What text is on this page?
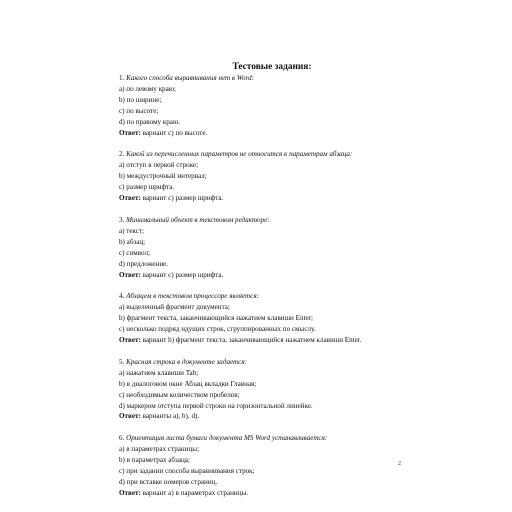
Тестовые задания:
1. Какого способа выравнивания нет в Word:
a) по левому краю;
b) по ширине;
c) по высоте;
d) по правому краю.
Ответ: вариант с) по высоте.
2. Какой из перечисленных параметров не относится к параметрам абзаца:
a) отступ в первой строке;
b) междустрочный интервал;
c) размер шрифта.
Ответ: вариант с) размер шрифта.
3. Минимальный объект в текстовом редакторе:
a) текст;
b) абзац;
c) символ;
d) предложение.
Ответ: вариант с) размер шрифта.
4. Абзацем в текстовом процессоре является:
a) выделенный фрагмент документа;
b) фрагмент текста, заканчивающийся нажатием клавиши Enter;
c) несколько подряд идущих строк, сгруппированных по смыслу.
Ответ: вариант b) фрагмент текста, заканчивающийся нажатием клавиши Enter.
5. Красная строка в документе задается:
a) нажатием клавиши Tab;
b) в диалоговом окне Абзац вкладки Главная;
c) необходимым количеством пробелов;
d) маркером отступа первой строки на горизонтальной линейке.
Ответ: варианты a), b), d).
6. Ориентация листа бумаги документа MS Word устанавливается:
a) в параметрах страницы;
b) в параметрах абзаца;
c) при задании способа выравнивания строк;
d) при вставке номеров страниц.
Ответ: вариант a) в параметрах страницы.
2
